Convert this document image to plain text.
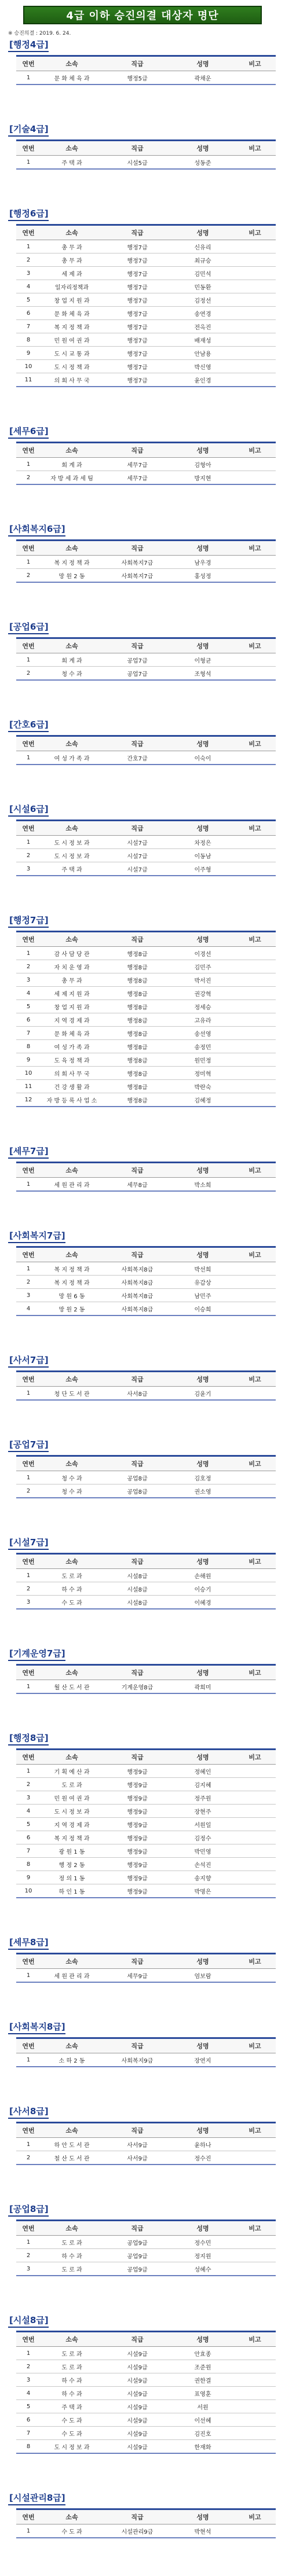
4급 이하 승진의결 대상자 명단
※ 승진의결 : 2019. 6. 24.
[행정4급]
연번	소속	직급	성명	비고
1	문 화 체 육 과	행정5급	곽채운	
[기술4급]
연번	소속	직급	성명	비고
1	주 택 과	시설5급	성동준	
[행정6급]
연번	소속	직급	성명	비고
1	총 무 과	행정7급	신유리	
2	총 무 과	행정7급	최규승	
3	세 제 과	행정7급	김민석	
4	일자리정책과	행정7급	민동환	
5	창 업 지 원 과	행정7급	김정선	
6	문 화 체 육 과	행정7급	송연경	
7	복 지 정 책 과	행정7급	전옥진	
8	민 원 여 권 과	행정7급	배재성	
9	도 시 교 통 과	행정7급	안남용	
10	도 시 정 책 과	행정7급	박신영	
11	의 회 사 무 국	행정7급	윤인경	
[세무6급]
연번	소속	직급	성명	비고
1	회 계 과	세무7급	김형아	
2	자 방 세 과 세 팀	세무7급	방지현	
[사회복지6급]
연번	소속	직급	성명	비고
1	복 지 정 책 과	사회복지7급	남우경	
2	망 원 2 동	사회복지7급	홍성정	
[공업6급]
연번	소속	직급	성명	비고
1	회 계 과	공업7급	이형균	
2	청 수 과	공업7급	조형석	
[간호6급]
연번	소속	직급	성명	비고
1	여 성 가 족 과	간호7급	이숙이	
[시설6급]
연번	소속	직급	성명	비고
1	도 시 정 보 과	시설7급	차정은	
2	도 시 정 보 과	시설7급	이동남	
3	주 택 과	시설7급	이주형	
[행정7급]
연번	소속	직급	성명	비고
1	감 사 담 당 관	행정8급	이경선	
2	자 치 운 영 과	행정8급	김민주	
3	총 무 과	행정8급	박서진	
4	세 제 지 원 과	행정8급	권강혁	
5	창 업 지 원 과	행정8급	정세승	
6	지 역 경 제 과	행정8급	고유라	
7	문 화 체 육 과	행정8급	송선영	
8	여 성 가 족 과	행정8급	송정민	
9	도 육 정 책 과	행정8급	원민정	
10	의 회 사 무 국	행정8급	정미혁	
11	건 강 생 활 과	행정8급	박란숙	
12	자 방 등 록 사 업 소	행정8급	김혜정	
[세무7급]
연번	소속	직급	성명	비고
1	세 원 관 리 과	세무8급	박소희	
[사회복지7급]
연번	소속	직급	성명	비고
1	복 지 정 책 과	사회복지8급	박선희	
2	복 지 정 책 과	사회복지8급	유갑상	
3	망 원 6 동	사회복지8급	남민주	
4	망 원 2 동	사회복지8급	이승희	
[사서7급]
연번	소속	직급	성명	비고
1	청 단 도 서 관	사서8급	김윤기	
[공업7급]
연번	소속	직급	성명	비고
1	청 수 과	공업8급	김호정	
2	청 수 과	공업8급	권소영	
[시설7급]
연번	소속	직급	성명	비고
1	도 로 과	시설8급	손해원	
2	하 수 과	시설8급	이승기	
3	수 도 과	시설8급	이혜경	
[기계운영7급]
연번	소속	직급	성명	비고
1	월 산 도 서 관	기계운영8급	곽희미	
[행정8급]
연번	소속	직급	성명	비고
1	기 획 예 산 과	행정9급	정혜인	
2	도 로 과	행정9급	김지혜	
3	민 원 여 권 과	행정9급	정주원	
4	도 시 정 보 과	행정9급	장현주	
5	지 역 경 제 과	행정9급	서원일	
6	복 지 정 책 과	행정9급	김정수	
7	광 원 1 동	행정9급	박민영	
8	행 정 2 동	행정9급	손석진	
9	정 의 1 동	행정9급	송지향	
10	하 인 1 동	행정9급	박명은	
[세무8급]
연번	소속	직급	성명	비고
1	세 원 관 리 과	세무9급	엄보람	
[사회복지8급]
연번	소속	직급	성명	비고
1	소 하 2 동	사회복지9급	장연지	
[사서8급]
연번	소속	직급	성명	비고
1	하 안 도 서 관	사서9급	윤하나	
2	철 산 도 서 관	사서9급	정수진	
[공업8급]
연번	소속	직급	성명	비고
1	도 로 과	공업9급	정수민	
2	하 수 과	공업9급	정지원	
3	도 로 과	공업9급	성혜수	
[시설8급]
연번	소속	직급	성명	비고
1	도 로 과	시설9급	안효종	
2	도 로 과	시설9급	조준원	
3	하 수 과	시설9급	권한결	
4	하 수 과	시설9급	표영훈	
5	주 택 과	시설9급	서원	
6	수 도 과	시설9급	이선혜	
7	수 도 과	시설9급	김진호	
8	도 시 정 보 과	시설9급	한재화	
[시설관리8급]
연번	소속	직급	성명	비고
1	수 도 과	시설관리9급	박현석	
